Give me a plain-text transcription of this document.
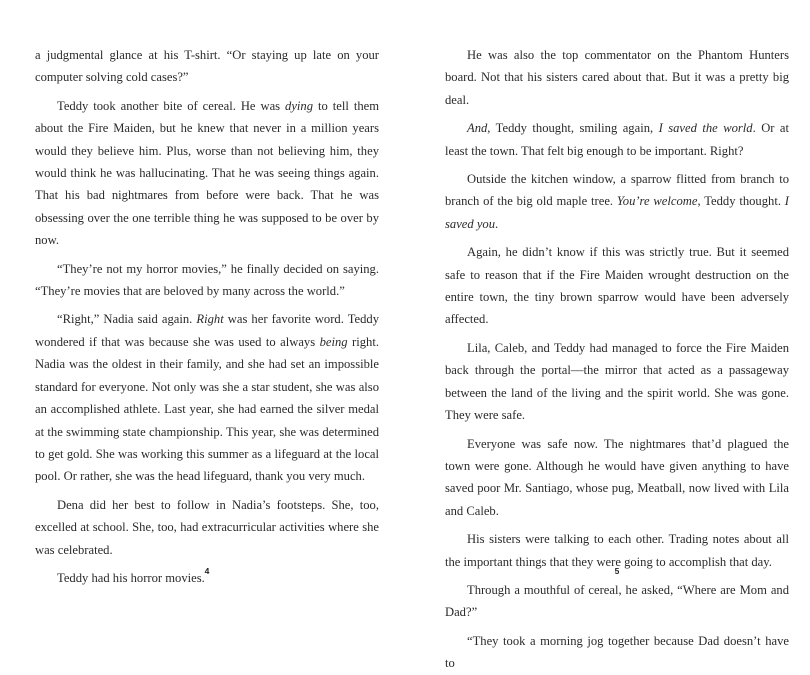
a judgmental glance at his T-shirt. “Or staying up late on your computer solving cold cases?”

Teddy took another bite of cereal. He was dying to tell them about the Fire Maiden, but he knew that never in a million years would they believe him. Plus, worse than not believing him, they would think he was hallucinating. That he was seeing things again. That his bad nightmares from before were back. That he was obsessing over the one terrible thing he was supposed to be over by now.

“They’re not my horror movies,” he finally decided on saying. “They’re movies that are beloved by many across the world.”

“Right,” Nadia said again. Right was her favorite word. Teddy wondered if that was because she was used to always being right. Nadia was the oldest in their family, and she had set an impossible standard for everyone. Not only was she a star student, she was also an accomplished athlete. Last year, she had earned the silver medal at the swimming state championship. This year, she was determined to get gold. She was working this summer as a lifeguard at the local pool. Or rather, she was the head lifeguard, thank you very much.

Dena did her best to follow in Nadia’s footsteps. She, too, excelled at school. She, too, had extracurricular activities where she was celebrated.

Teddy had his horror movies. 4

He was also the top commentator on the Phantom Hunters board. Not that his sisters cared about that. But it was a pretty big deal.

And, Teddy thought, smiling again, I saved the world. Or at least the town. That felt big enough to be important. Right?

Outside the kitchen window, a sparrow flitted from branch to branch of the big old maple tree. You’re welcome, Teddy thought. I saved you.

Again, he didn’t know if this was strictly true. But it seemed safe to reason that if the Fire Maiden wrought destruction on the entire town, the tiny brown sparrow would have been adversely affected.

Lila, Caleb, and Teddy had managed to force the Fire Maiden back through the portal—the mirror that acted as a passageway between the land of the living and the spirit world. She was gone. They were safe.

Everyone was safe now. The nightmares that’d plagued the town were gone. Although he would have given anything to have saved poor Mr. Santiago, whose pug, Meatball, now lived with Lila and Caleb.

His sisters were talking to each other. Trading notes about all the important things that they were going to accomplish that day.

Through a mouthful of cereal, he asked, “Where are Mom and Dad?”

“They took a morning jog together because Dad doesn’t have to

5
